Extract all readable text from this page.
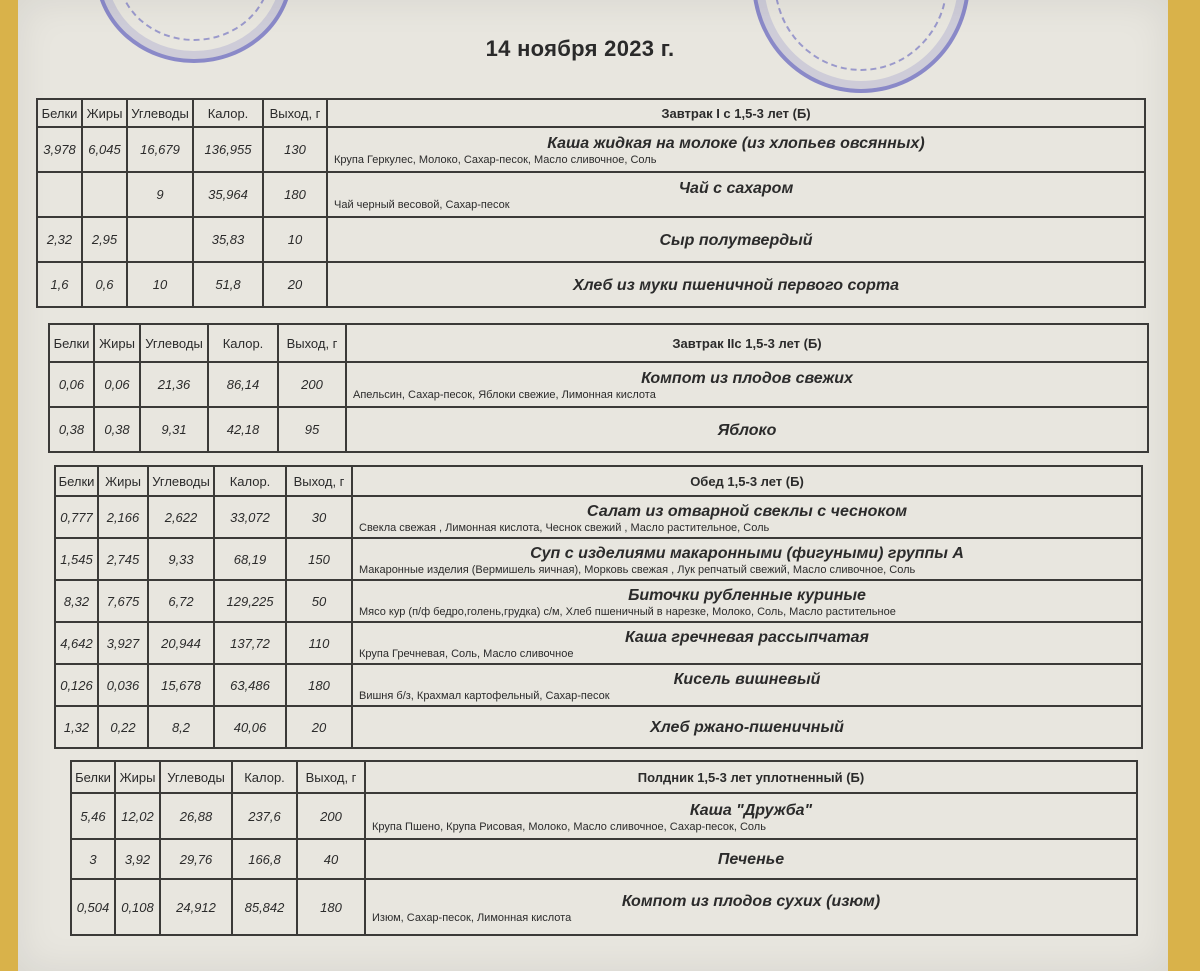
14 ноября 2023 г.
Белки	Жиры	Углеводы	Калор.	Выход, г	Завтрак I с 1,5-3 лет (Б)
3,978	6,045	16,679	136,955	130	Каша жидкая на молоке (из хлопьев овсянных)
Крупа Геркулес, Молоко, Сахар-песок, Масло сливочное, Соль

		9	35,964	180	Чай с сахаром
Чай черный весовой, Сахар-песок

2,32	2,95		35,83	10	Сыр полутвердый

1,6	0,6	10	51,8	20	Хлеб из муки пшеничной первого сорта
Белки	Жиры	Углеводы	Калор.	Выход, г	Завтрак IIс 1,5-3 лет (Б)
0,06	0,06	21,36	86,14	200	Компот из плодов свежих
Апельсин, Сахар-песок, Яблоки свежие, Лимонная кислота

0,38	0,38	9,31	42,18	95	Яблоко
Белки	Жиры	Углеводы	Калор.	Выход, г	Обед 1,5-3 лет (Б)
0,777	2,166	2,622	33,072	30	Салат из отварной свеклы с чесноком
Свекла свежая , Лимонная кислота, Чеснок свежий , Масло растительное, Соль

1,545	2,745	9,33	68,19	150	Суп с изделиями макаронными (фигуными) группы А
Макаронные изделия (Вермишель яичная), Морковь свежая , Лук репчатый свежий, Масло сливочное, Соль

8,32	7,675	6,72	129,225	50	Биточки рубленные куриные
Мясо кур (п/ф бедро,голень,грудка) с/м, Хлеб пшеничный в нарезке, Молоко, Соль, Масло растительное

4,642	3,927	20,944	137,72	110	Каша гречневая рассыпчатая
Крупа Гречневая, Соль, Масло сливочное

0,126	0,036	15,678	63,486	180	Кисель вишневый
Вишня б/з, Крахмал картофельный, Сахар-песок

1,32	0,22	8,2	40,06	20	Хлеб ржано-пшеничный
Белки	Жиры	Углеводы	Калор.	Выход, г	Полдник 1,5-3 лет уплотненный (Б)
5,46	12,02	26,88	237,6	200	Каша "Дружба"
Крупа Пшено, Крупа Рисовая, Молоко, Масло сливочное, Сахар-песок, Соль

3	3,92	29,76	166,8	40	Печенье

0,504	0,108	24,912	85,842	180	Компот из плодов сухих (изюм)
Изюм, Сахар-песок, Лимонная кислота
